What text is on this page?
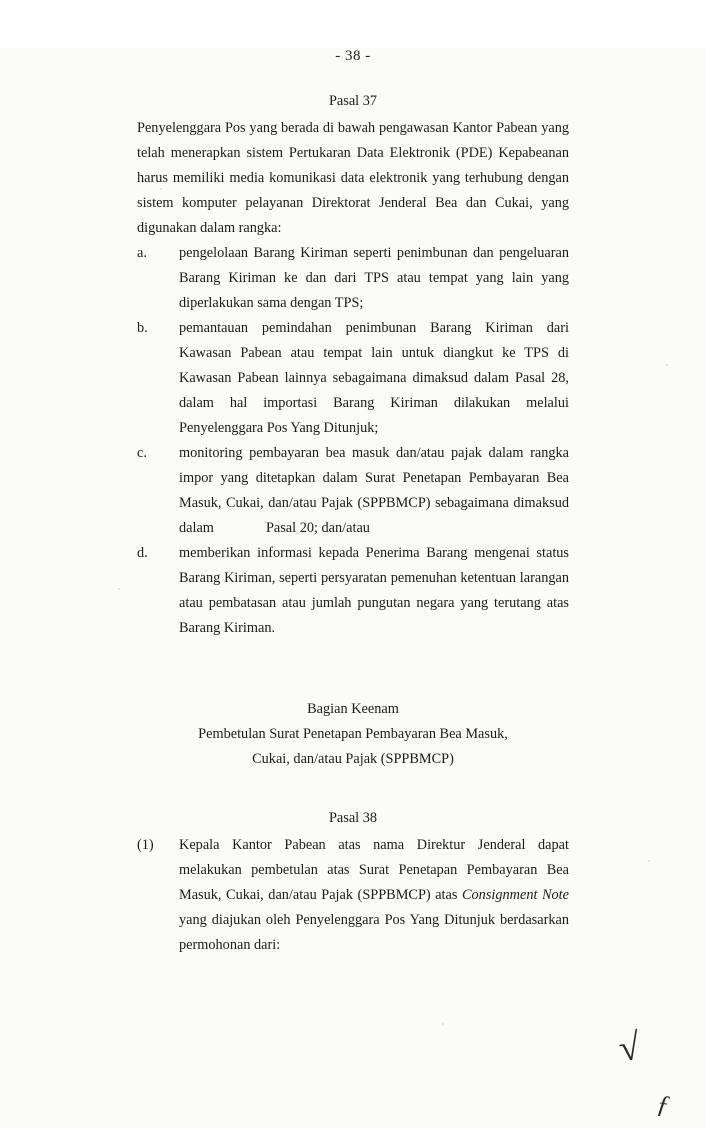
- 38 -
Pasal 37

Penyelenggara Pos yang berada di bawah pengawasan Kantor Pabean yang telah menerapkan sistem Pertukaran Data Elektronik (PDE) Kepabeanan harus memiliki media komunikasi data elektronik yang terhubung dengan sistem komputer pelayanan Direktorat Jenderal Bea dan Cukai, yang digunakan dalam rangka:

a.	pengelolaan Barang Kiriman seperti penimbunan dan pengeluaran Barang Kiriman ke dan dari TPS atau tempat yang lain yang diperlakukan sama dengan TPS;
b.	pemantauan pemindahan penimbunan Barang Kiriman dari Kawasan Pabean atau tempat lain untuk diangkut ke TPS di Kawasan Pabean lainnya sebagaimana dimaksud dalam Pasal 28, dalam hal importasi Barang Kiriman dilakukan melalui Penyelenggara Pos Yang Ditunjuk;
c.	monitoring pembayaran bea masuk dan/atau pajak dalam rangka impor yang ditetapkan dalam Surat Penetapan Pembayaran Bea Masuk, Cukai, dan/atau Pajak (SPPBMCP) sebagaimana dimaksud dalam	Pasal 20; dan/atau
d.	memberikan informasi kepada Penerima Barang mengenai status Barang Kiriman, seperti persyaratan pemenuhan ketentuan larangan atau pembatasan atau jumlah pungutan negara yang terutang atas Barang Kiriman.
Bagian Keenam
Pembetulan Surat Penetapan Pembayaran Bea Masuk,
Cukai, dan/atau Pajak (SPPBMCP)
Pasal 38
(1)	Kepala Kantor Pabean atas nama Direktur Jenderal dapat melakukan pembetulan atas Surat Penetapan Pembayaran Bea Masuk, Cukai, dan/atau Pajak (SPPBMCP) atas Consignment Note yang diajukan oleh Penyelenggara Pos Yang Ditunjuk berdasarkan permohonan dari:
√
ƒ
